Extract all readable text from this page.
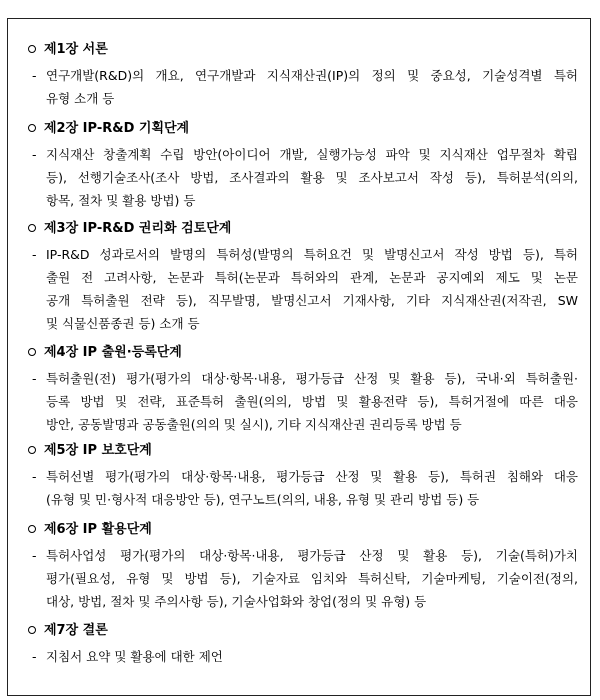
제1장 서론
- 연구개발(R&D)의 개요, 연구개발과 지식재산권(IP)의 정의 및 중요성, 기술성격별 특허
유형 소개 등
제2장 IP-R&D 기획단계
- 지식재산 창출계획 수립 방안(아이디어 개발, 실행가능성 파악 및 지식재산 업무절차 확립
등), 선행기술조사(조사 방법, 조사결과의 활용 및 조사보고서 작성 등), 특허분석(의의,
항목, 절차 및 활용 방법) 등
제3장 IP-R&D 권리화 검토단계
- IP-R&D 성과로서의 발명의 특허성(발명의 특허요건 및 발명신고서 작성 방법 등), 특허
출원 전 고려사항, 논문과 특허(논문과 특허와의 관계, 논문과 공지예외 제도 및 논문
공개 특허출원 전략 등), 직무발명, 발명신고서 기재사항, 기타 지식재산권(저작권, SW
및 식물신품종권 등) 소개 등
제4장 IP 출원·등록단계
- 특허출원(전) 평가(평가의 대상·항목·내용, 평가등급 산정 및 활용 등), 국내·외 특허출원·
등록 방법 및 전략, 표준특허 출원(의의, 방법 및 활용전략 등), 특허거절에 따른 대응
방안, 공동발명과 공동출원(의의 및 실시), 기타 지식재산권 권리등록 방법 등
제5장 IP 보호단계
- 특허선별 평가(평가의 대상·항목·내용, 평가등급 산정 및 활용 등), 특허권 침해와 대응
(유형 및 민·형사적 대응방안 등), 연구노트(의의, 내용, 유형 및 관리 방법 등) 등
제6장 IP 활용단계
- 특허사업성 평가(평가의 대상·항목·내용, 평가등급 산정 및 활용 등), 기술(특허)가치
평가(필요성, 유형 및 방법 등), 기술자료 임치와 특허신탁, 기술마케팅, 기술이전(정의,
대상, 방법, 절차 및 주의사항 등), 기술사업화와 창업(정의 및 유형) 등
제7장 결론
- 지침서 요약 및 활용에 대한 제언
